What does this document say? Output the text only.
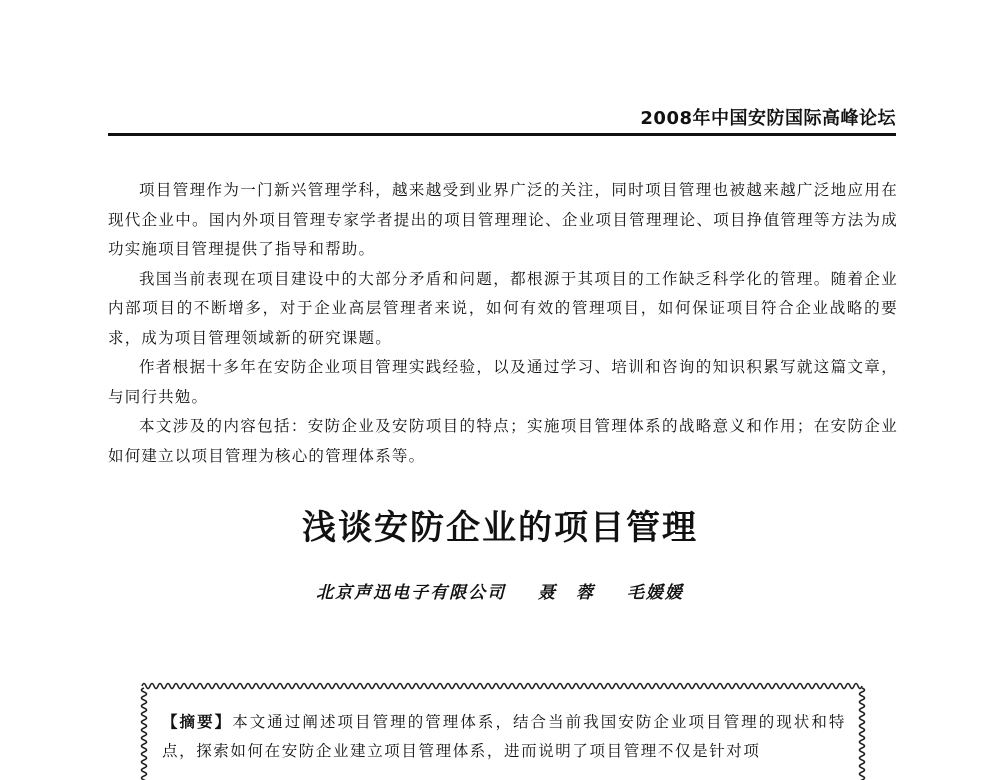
2008年中国安防国际高峰论坛

项目管理作为一门新兴管理学科，越来越受到业界广泛的关注，同时项目管理也被越来越广泛地应用在现代企业中。国内外项目管理专家学者提出的项目管理理论、企业项目管理理论、项目挣值管理等方法为成功实施项目管理提供了指导和帮助。

我国当前表现在项目建设中的大部分矛盾和问题，都根源于其项目的工作缺乏科学化的管理。随着企业内部项目的不断增多，对于企业高层管理者来说，如何有效的管理项目，如何保证项目符合企业战略的要求，成为项目管理领域新的研究课题。

作者根据十多年在安防企业项目管理实践经验，以及通过学习、培训和咨询的知识积累写就这篇文章，与同行共勉。

本文涉及的内容包括：安防企业及安防项目的特点；实施项目管理体系的战略意义和作用；在安防企业如何建立以项目管理为核心的管理体系等。

浅谈安防企业的项目管理
北京声迅电子有限公司 聂　蓉 毛媛媛
【摘要】本文通过阐述项目管理的管理体系，结合当前我国安防企业项目管理的现状和特点，探索如何在安防企业建立项目管理体系，进而说明了项目管理不仅是针对项
